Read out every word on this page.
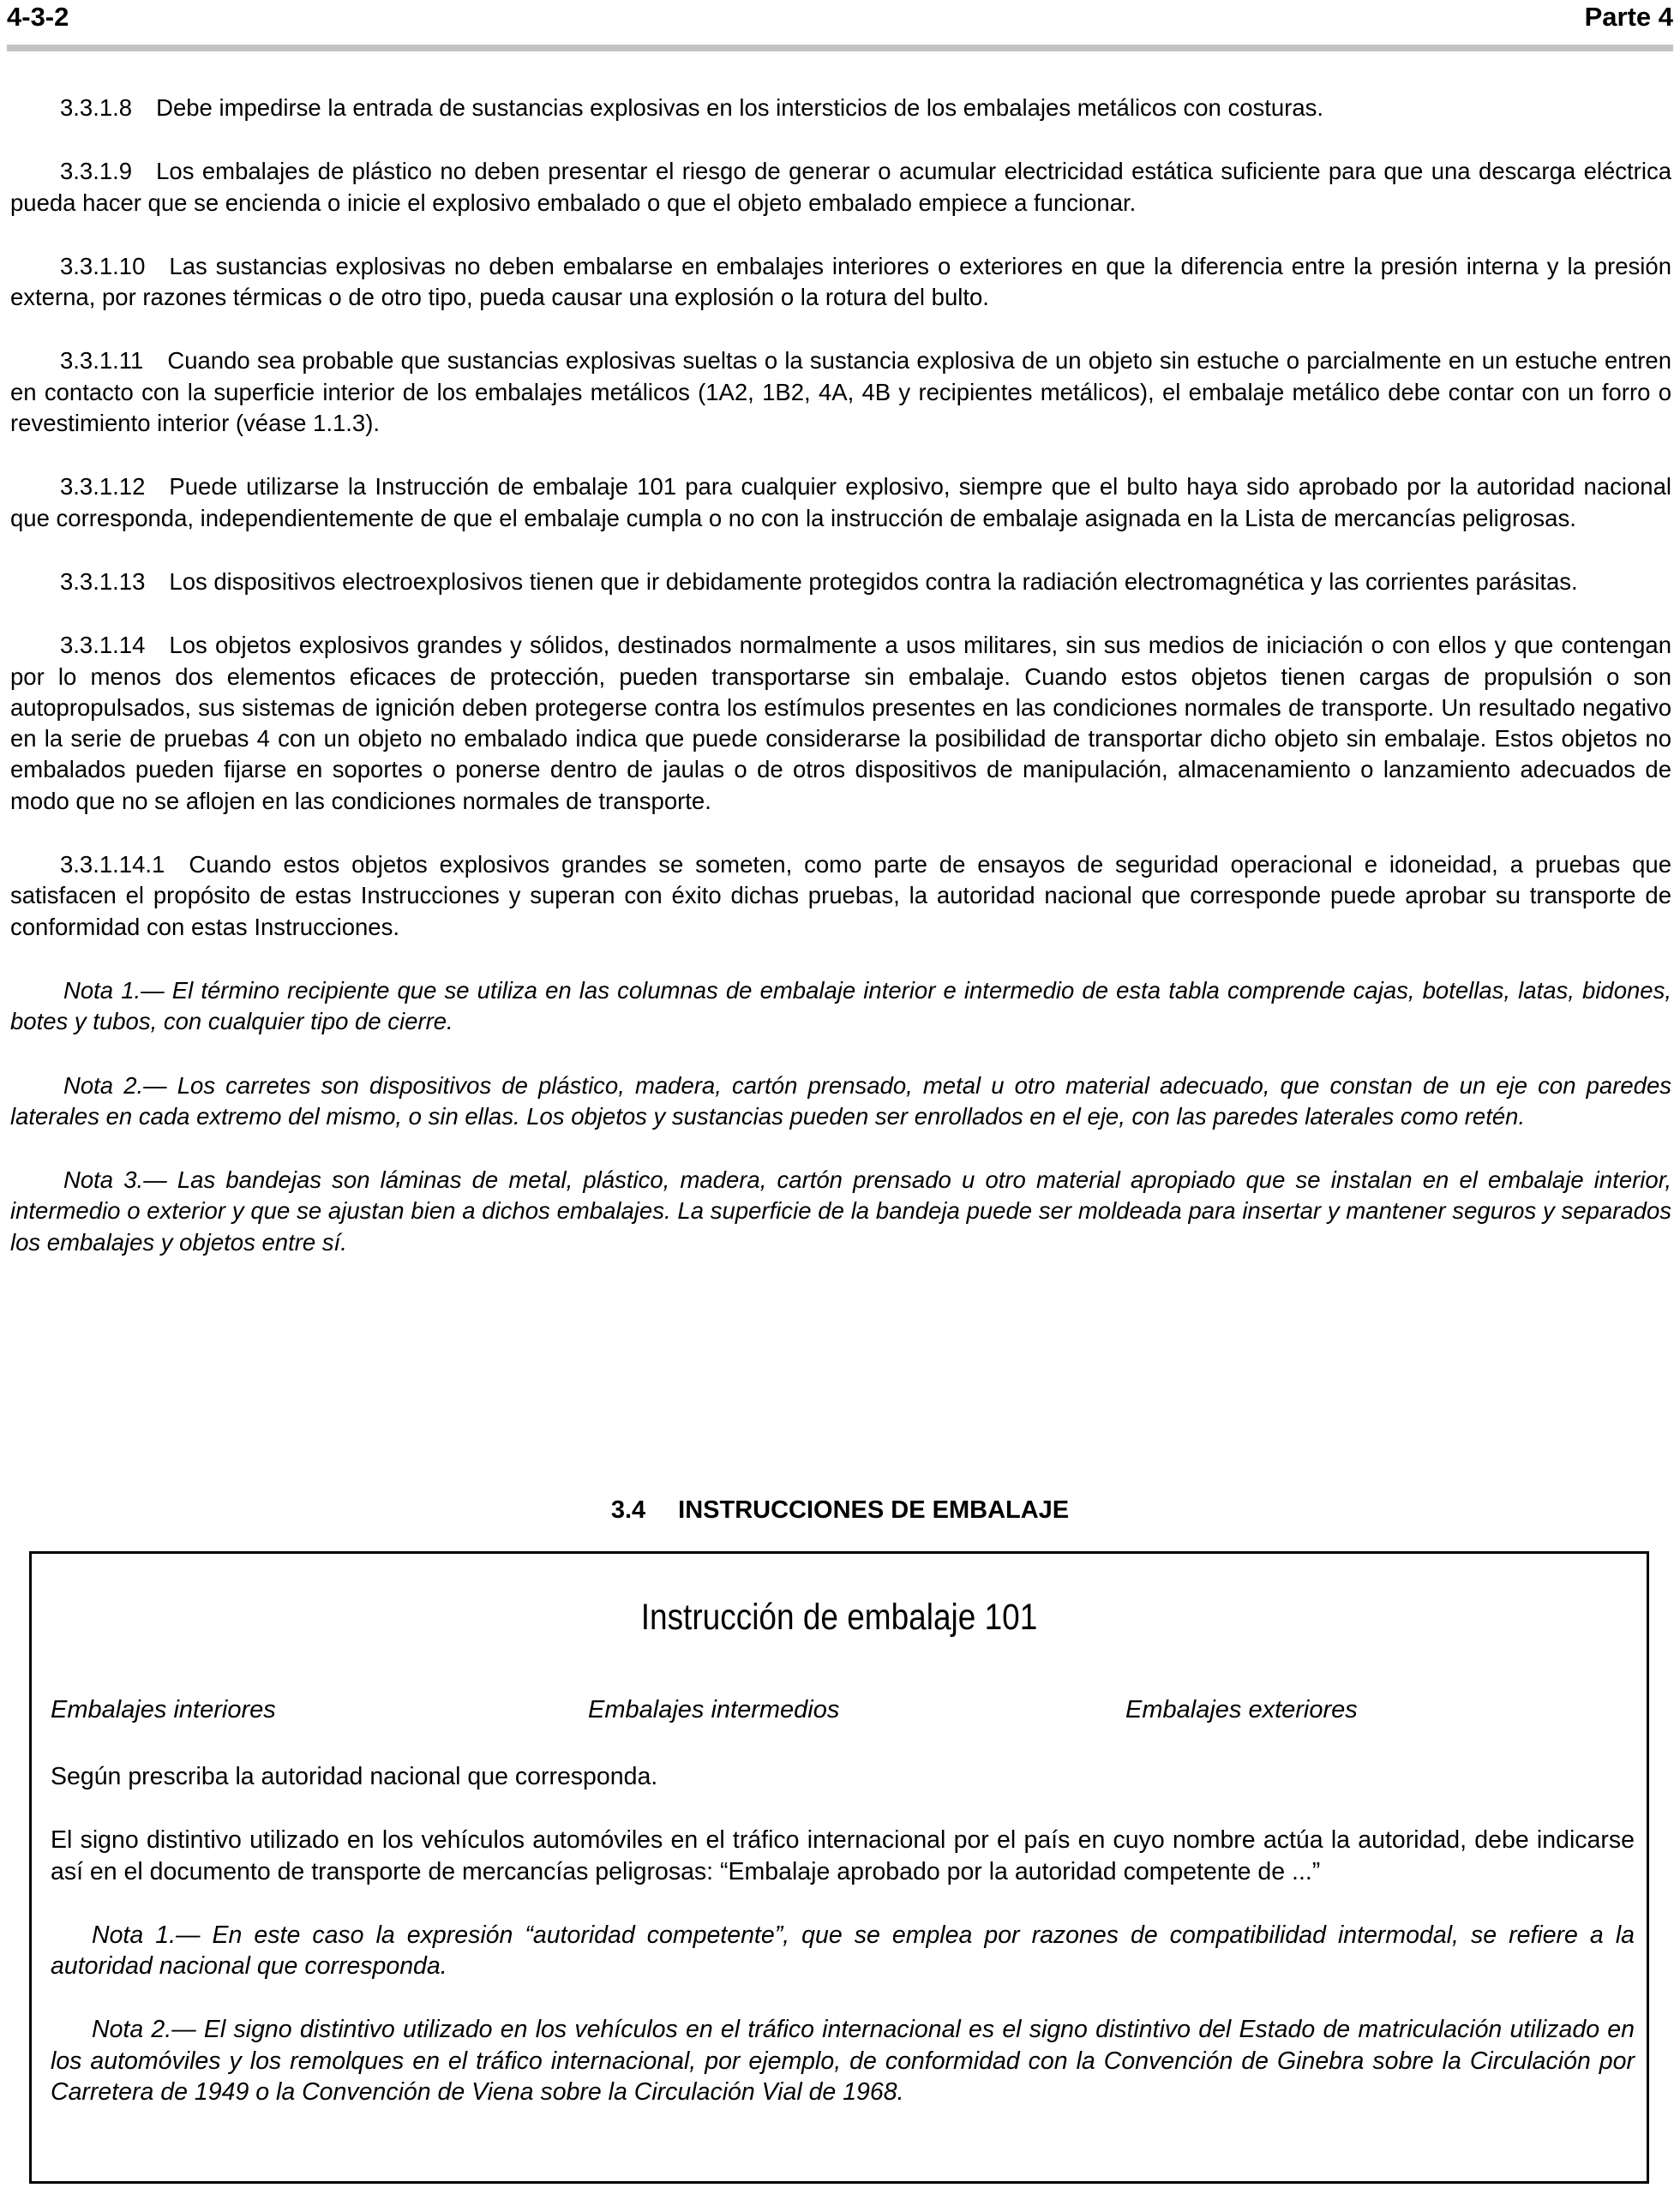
4-3-2	Parte 4

3.3.1.8 Debe impedirse la entrada de sustancias explosivas en los intersticios de los embalajes metálicos con costuras.

3.3.1.9 Los embalajes de plástico no deben presentar el riesgo de generar o acumular electricidad estática suficiente para que una descarga eléctrica pueda hacer que se encienda o inicie el explosivo embalado o que el objeto embalado empiece a funcionar.

3.3.1.10 Las sustancias explosivas no deben embalarse en embalajes interiores o exteriores en que la diferencia entre la presión interna y la presión externa, por razones térmicas o de otro tipo, pueda causar una explosión o la rotura del bulto.

3.3.1.11 Cuando sea probable que sustancias explosivas sueltas o la sustancia explosiva de un objeto sin estuche o parcialmente en un estuche entren en contacto con la superficie interior de los embalajes metálicos (1A2, 1B2, 4A, 4B y recipientes metálicos), el embalaje metálico debe contar con un forro o revestimiento interior (véase 1.1.3).

3.3.1.12 Puede utilizarse la Instrucción de embalaje 101 para cualquier explosivo, siempre que el bulto haya sido aprobado por la autoridad nacional que corresponda, independientemente de que el embalaje cumpla o no con la instrucción de embalaje asignada en la Lista de mercancías peligrosas.

3.3.1.13 Los dispositivos electroexplosivos tienen que ir debidamente protegidos contra la radiación electromagnética y las corrientes parásitas.

3.3.1.14 Los objetos explosivos grandes y sólidos, destinados normalmente a usos militares, sin sus medios de iniciación o con ellos y que contengan por lo menos dos elementos eficaces de protección, pueden transportarse sin embalaje. Cuando estos objetos tienen cargas de propulsión o son autopropulsados, sus sistemas de ignición deben protegerse contra los estímulos presentes en las condiciones normales de transporte. Un resultado negativo en la serie de pruebas 4 con un objeto no embalado indica que puede considerarse la posibilidad de transportar dicho objeto sin embalaje. Estos objetos no embalados pueden fijarse en soportes o ponerse dentro de jaulas o de otros dispositivos de manipulación, almacenamiento o lanzamiento adecuados de modo que no se aflojen en las condiciones normales de transporte.

3.3.1.14.1 Cuando estos objetos explosivos grandes se someten, como parte de ensayos de seguridad operacional e idoneidad, a pruebas que satisfacen el propósito de estas Instrucciones y superan con éxito dichas pruebas, la autoridad nacional que corresponde puede aprobar su transporte de conformidad con estas Instrucciones.

Nota 1.— El término recipiente que se utiliza en las columnas de embalaje interior e intermedio de esta tabla comprende cajas, botellas, latas, bidones, botes y tubos, con cualquier tipo de cierre.

Nota 2.— Los carretes son dispositivos de plástico, madera, cartón prensado, metal u otro material adecuado, que constan de un eje con paredes laterales en cada extremo del mismo, o sin ellas. Los objetos y sustancias pueden ser enrollados en el eje, con las paredes laterales como retén.

Nota 3.— Las bandejas son láminas de metal, plástico, madera, cartón prensado u otro material apropiado que se instalan en el embalaje interior, intermedio o exterior y que se ajustan bien a dichos embalajes. La superficie de la bandeja puede ser moldeada para insertar y mantener seguros y separados los embalajes y objetos entre sí.

3.4 INSTRUCCIONES DE EMBALAJE
Instrucción de embalaje 101
Embalajes interiores	Embalajes intermedios	Embalajes exteriores

Según prescriba la autoridad nacional que corresponda.

El signo distintivo utilizado en los vehículos automóviles en el tráfico internacional por el país en cuyo nombre actúa la autoridad, debe indicarse así en el documento de transporte de mercancías peligrosas: “Embalaje aprobado por la autoridad competente de ...”

Nota 1.— En este caso la expresión “autoridad competente”, que se emplea por razones de compatibilidad intermodal, se refiere a la autoridad nacional que corresponda.

Nota 2.— El signo distintivo utilizado en los vehículos en el tráfico internacional es el signo distintivo del Estado de matriculación utilizado en los automóviles y los remolques en el tráfico internacional, por ejemplo, de conformidad con la Convención de Ginebra sobre la Circulación por Carretera de 1949 o la Convención de Viena sobre la Circulación Vial de 1968.
